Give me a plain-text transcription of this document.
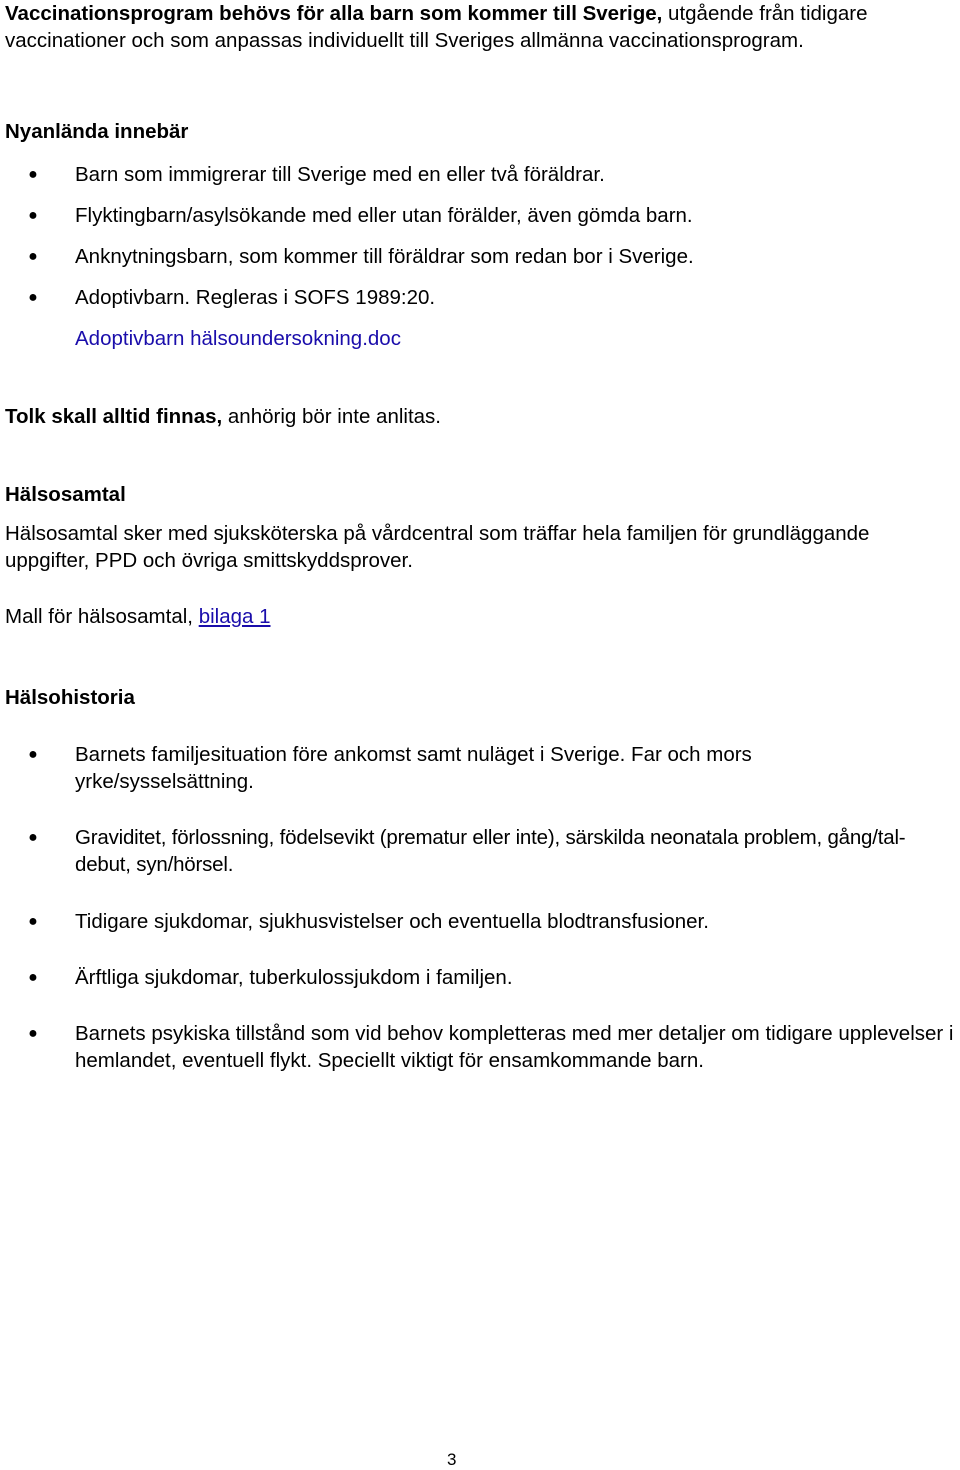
Vaccinationsprogram behövs för alla barn som kommer till Sverige, utgående från tidigare vaccinationer och som anpassas individuellt till Sveriges allmänna vaccinationsprogram.

Nyanlända innebär
● Barn som immigrerar till Sverige med en eller två föräldrar.
● Flyktingbarn/asylsökande med eller utan förälder, även gömda barn.
● Anknytningsbarn, som kommer till föräldrar som redan bor i Sverige.
● Adoptivbarn. Regleras i SOFS 1989:20.
Adoptivbarn hälsoundersokning.doc

Tolk skall alltid finnas, anhörig bör inte anlitas.

Hälsosamtal

Hälsosamtal sker med sjuksköterska på vårdcentral som träffar hela familjen för grundläggande uppgifter, PPD och övriga smittskyddsprover.

Mall för hälsosamtal, bilaga 1

Hälsohistoria
● Barnets familjesituation före ankomst samt nuläget i Sverige. Far och mors yrke/sysselsättning.
● Graviditet, förlossning, födelsevikt (prematur eller inte), särskilda neonatala problem, gång/tal-debut, syn/hörsel.
● Tidigare sjukdomar, sjukhusvistelser och eventuella blodtransfusioner.
● Ärftliga sjukdomar, tuberkulossjukdom i familjen.
● Barnets psykiska tillstånd som vid behov kompletteras med mer detaljer om tidigare upplevelser i hemlandet, eventuell flykt. Speciellt viktigt för ensamkommande barn.
3
